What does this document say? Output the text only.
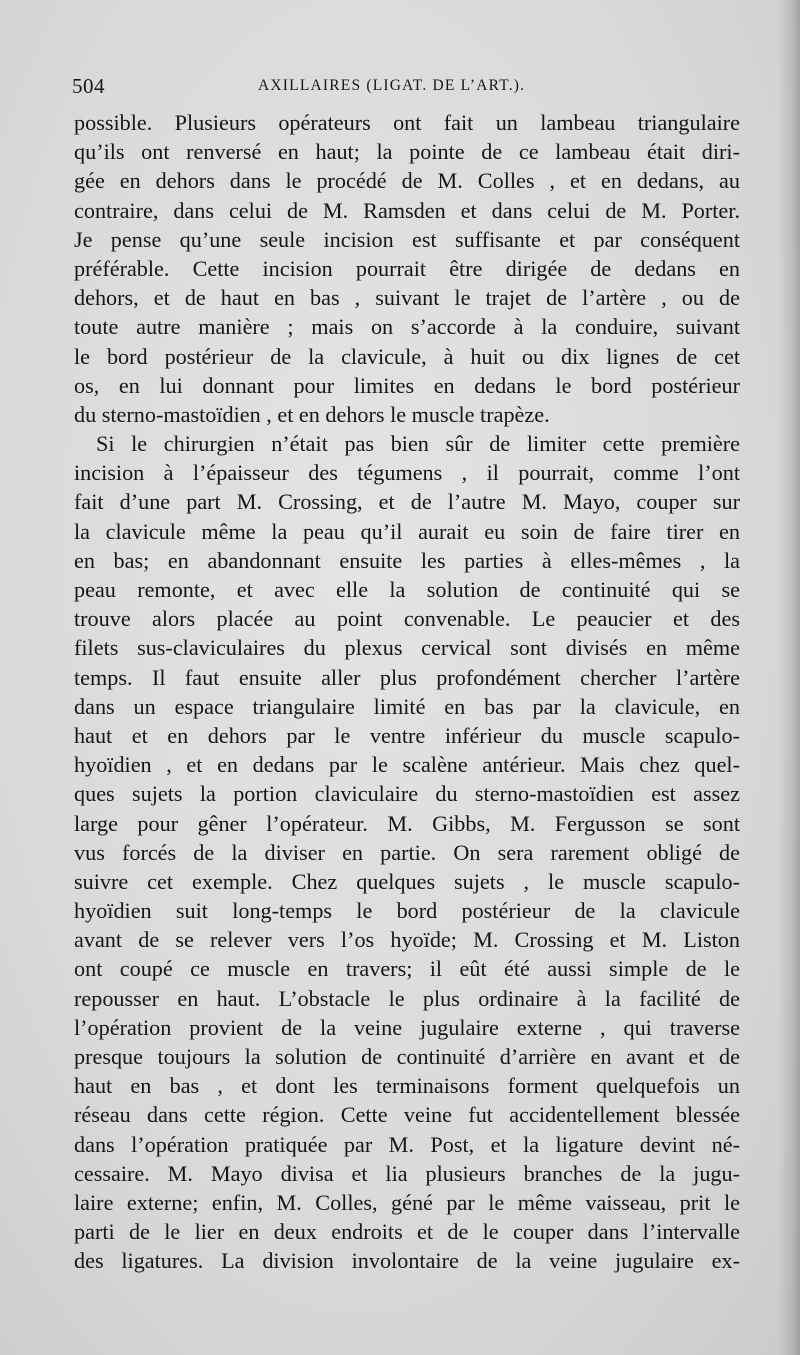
504	AXILLAIRES (LIGAT. DE L’ART.).
possible. Plusieurs opérateurs ont fait un lambeau triangulaire
qu’ils ont renversé en haut; la pointe de ce lambeau était diri-
gée en dehors dans le procédé de M. Colles , et en dedans, au
contraire, dans celui de M. Ramsden et dans celui de M. Porter.
Je pense qu’une seule incision est suffisante et par conséquent
préférable. Cette incision pourrait être dirigée de dedans en
dehors, et de haut en bas , suivant le trajet de l’artère , ou de
toute autre manière ; mais on s’accorde à la conduire, suivant
le bord postérieur de la clavicule, à huit ou dix lignes de cet
os, en lui donnant pour limites en dedans le bord postérieur
du sterno-mastoïdien , et en dehors le muscle trapèze.
Si le chirurgien n’était pas bien sûr de limiter cette première
incision à l’épaisseur des tégumens , il pourrait, comme l’ont
fait d’une part M. Crossing, et de l’autre M. Mayo, couper sur
la clavicule même la peau qu’il aurait eu soin de faire tirer en
en bas; en abandonnant ensuite les parties à elles-mêmes , la
peau remonte, et avec elle la solution de continuité qui se
trouve alors placée au point convenable. Le peaucier et des
filets sus-claviculaires du plexus cervical sont divisés en même
temps. Il faut ensuite aller plus profondément chercher l’artère
dans un espace triangulaire limité en bas par la clavicule, en
haut et en dehors par le ventre inférieur du muscle scapulo-
hyoïdien , et en dedans par le scalène antérieur. Mais chez quel-
ques sujets la portion claviculaire du sterno-mastoïdien est assez
large pour gêner l’opérateur. M. Gibbs, M. Fergusson se sont
vus forcés de la diviser en partie. On sera rarement obligé de
suivre cet exemple. Chez quelques sujets , le muscle scapulo-
hyoïdien suit long-temps le bord postérieur de la clavicule
avant de se relever vers l’os hyoïde; M. Crossing et M. Liston
ont coupé ce muscle en travers; il eût été aussi simple de le
repousser en haut. L’obstacle le plus ordinaire à la facilité de
l’opération provient de la veine jugulaire externe , qui traverse
presque toujours la solution de continuité d’arrière en avant et de
haut en bas , et dont les terminaisons forment quelquefois un
réseau dans cette région. Cette veine fut accidentellement blessée
dans l’opération pratiquée par M. Post, et la ligature devint né-
cessaire. M. Mayo divisa et lia plusieurs branches de la jugu-
laire externe; enfin, M. Colles, géné par le même vaisseau, prit le
parti de le lier en deux endroits et de le couper dans l’intervalle
des ligatures. La division involontaire de la veine jugulaire ex-
